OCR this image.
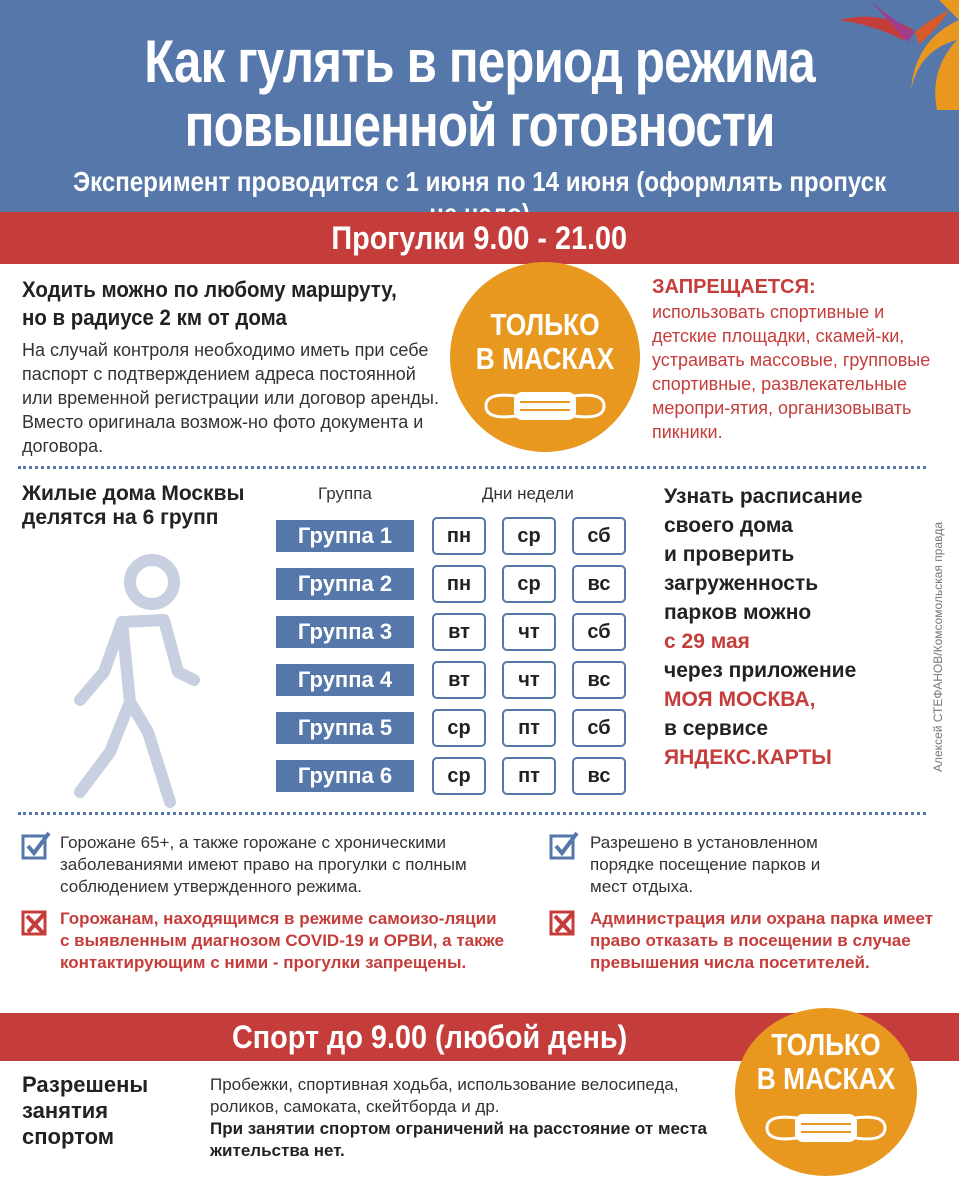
Как гулять в период режима
повышенной готовности
Эксперимент проводится с 1 июня по 14 июня (оформлять пропуск
Прогулки 9.00 - 21.00
Ходить можно по любому маршруту, но в радиусе 2 км от дома
На случай контроля необходимо иметь при себе паспорт с подтверждением адреса постоянной или временной регистрации или договор аренды. Вместо оригинала возмож-но фото документа и договора.
ТОЛЬКО
В МАСКАХ
ЗАПРЕЩАЕТСЯ:
использовать спортивные и детские площадки, скамей-ки, устраивать массовые, групповые спортивные, развлекательные меропри-ятия, организовывать пикники.
Жилые дома Москвы делятся на 6 групп
Группа	Дни недели
Группа 1	пн	ср	сб
Группа 2	пн	ср	вс
Группа 3	вт	чт	сб
Группа 4	вт	чт	вс
Группа 5	ср	пт	сб
Группа 6	ср	пт	вс
Узнать расписание
своего дома
и проверить
загруженность
парков можно
с 29 мая
через приложение
МОЯ МОСКВА,
в сервисе
ЯНДЕКС.КАРТЫ	Алексей СТЕФАНОВ/Комсомольская правда
Горожане 65+, а также горожане с хроническими заболеваниями имеют право на прогулки с полным соблюдением утвержденного режима.
Разрешено в установленном порядке посещение парков и мест отдыха.
Горожанам, находящимся в режиме самоизо-ляции с выявленным диагнозом COVID-19 и ОРВИ, а также контактирующим с ними - прогулки запрещены.
Администрация или охрана парка имеет право отказать в посещении в случае превышения числа посетителей.
Спорт до 9.00 (любой день)	ТОЛЬКО
В МАСКАХ
Разрешены занятия спортом
Пробежки, спортивная ходьба, использование велосипеда, роликов, самоката, скейтборда и др.
При занятии спортом ограничений на расстояние от места жительства нет.
